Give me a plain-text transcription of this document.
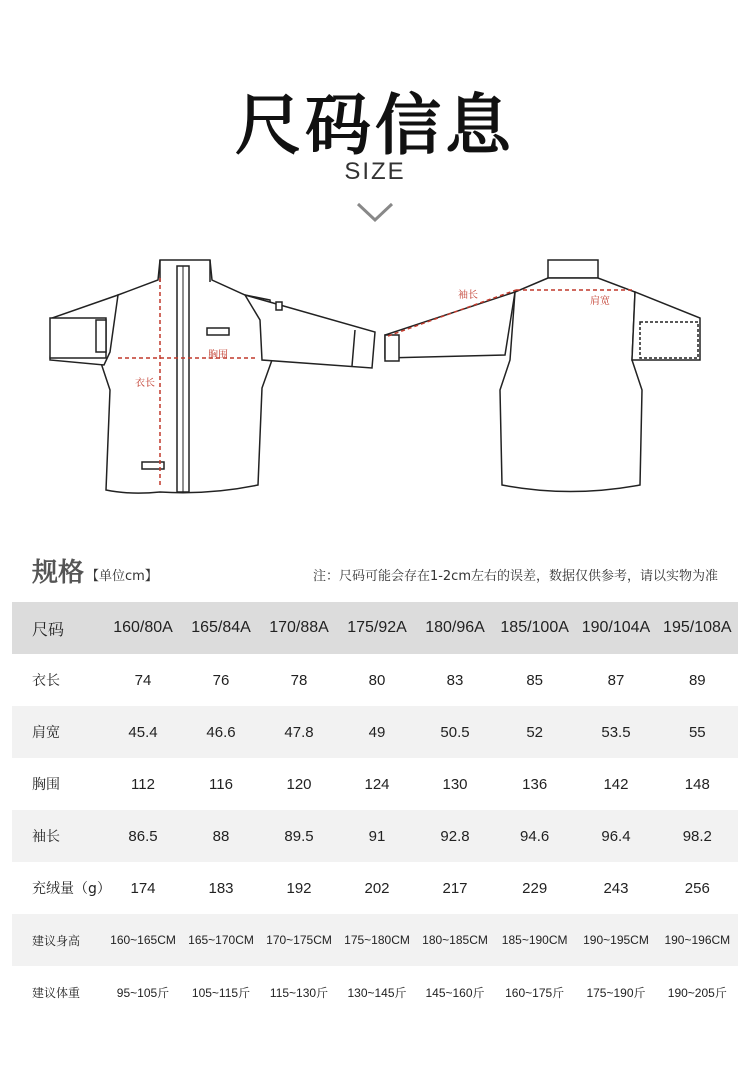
尺码信息
SIZE
衣长
胸围
袖长
肩宽
规格 【单位cm】	注：尺码可能会存在1-2cm左右的误差，数据仅供参考，请以实物为准
尺码	160/80A	165/84A	170/88A	175/92A	180/96A	185/100A	190/104A	195/108A
衣长	74	76	78	80	83	85	87	89
肩宽	45.4	46.6	47.8	49	50.5	52	53.5	55
胸围	112	116	120	124	130	136	142	148
袖长	86.5	88	89.5	91	92.8	94.6	96.4	98.2
充绒量（g）	174	183	192	202	217	229	243	256
建议身高	160~165CM	165~170CM	170~175CM	175~180CM	180~185CM	185~190CM	190~195CM	190~196CM
建议体重	95~105斤	105~115斤	115~130斤	130~145斤	145~160斤	160~175斤	175~190斤	190~205斤
